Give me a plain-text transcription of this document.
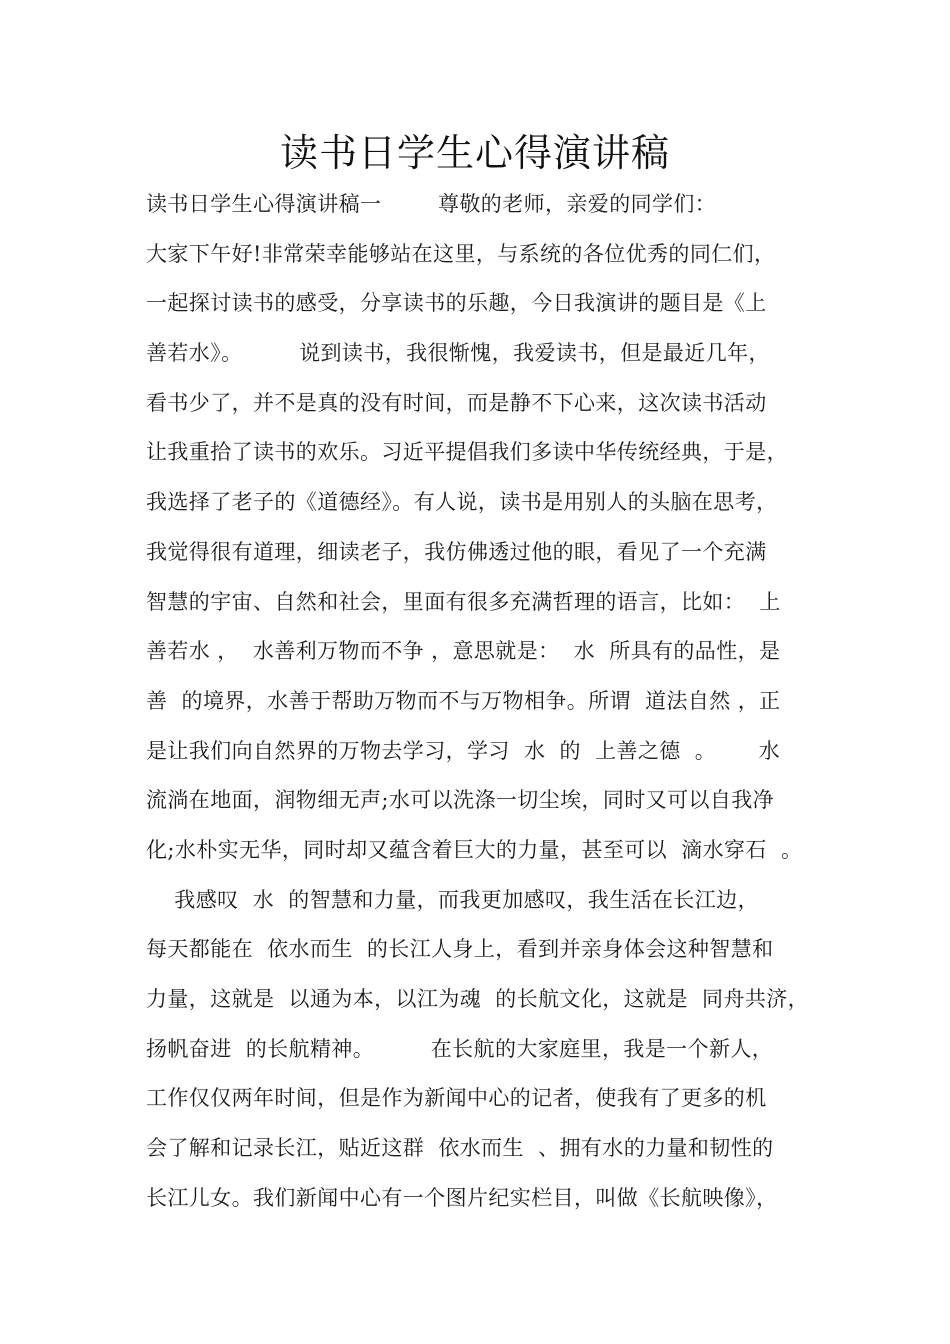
读书日学生心得演讲稿
读书日学生心得演讲稿一        尊敬的老师，亲爱的同学们：
大家下午好!非常荣幸能够站在这里，与系统的各位优秀的同仁们，
一起探讨读书的感受，分享读书的乐趣，今日我演讲的题目是《上
善若水》。        说到读书，我很惭愧，我爱读书，但是最近几年，
看书少了，并不是真的没有时间，而是静不下心来，这次读书活动
让我重拾了读书的欢乐。习近平提倡我们多读中华传统经典，于是，
我选择了老子的《道德经》。有人说，读书是用别人的头脑在思考，
我觉得很有道理，细读老子，我仿佛透过他的眼，看见了一个充满
智慧的宇宙、自然和社会，里面有很多充满哲理的语言，比如：  上
善若水 ，  水善利万物而不争 ，意思就是：  水  所具有的品性，是
善  的境界，水善于帮助万物而不与万物相争。所谓  道法自然 ，正
是让我们向自然界的万物去学习，学习  水  的  上善之德  。      水
流淌在地面，润物细无声;水可以洗涤一切尘埃，同时又可以自我净
化;水朴实无华，同时却又蕴含着巨大的力量，甚至可以  滴水穿石  。
我感叹  水  的智慧和力量，而我更加感叹，我生活在长江边，
每天都能在  依水而生  的长江人身上，看到并亲身体会这种智慧和
力量，这就是  以通为本，以江为魂  的长航文化，这就是  同舟共济，
扬帆奋进  的长航精神。        在长航的大家庭里，我是一个新人，
工作仅仅两年时间，但是作为新闻中心的记者，使我有了更多的机
会了解和记录长江，贴近这群  依水而生  、拥有水的力量和韧性的
长江儿女。我们新闻中心有一个图片纪实栏目，叫做《长航映像》，
